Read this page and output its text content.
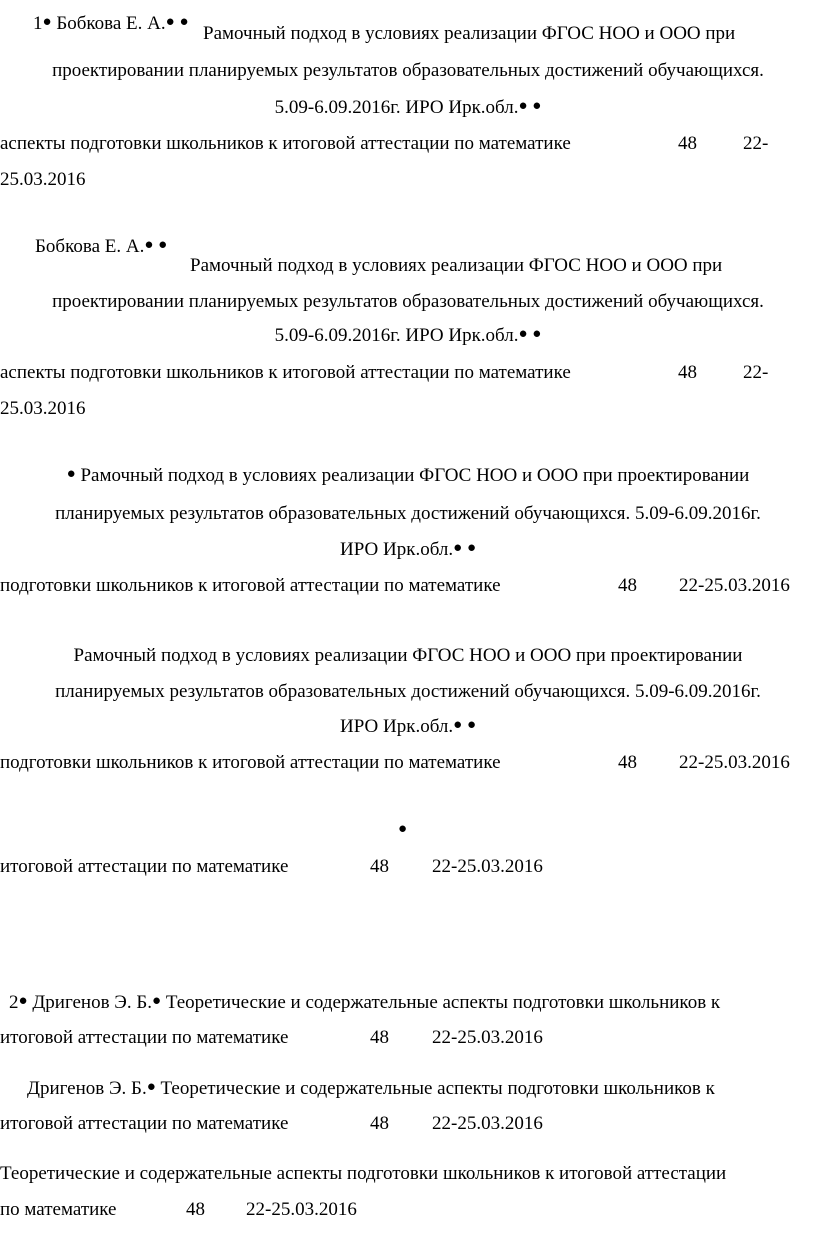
1● Бобкова Е. А.● ●
Рамочный подход в условиях реализации ФГОС НОО и ООО при
проектировании планируемых результатов образовательных достижений обучающихся.
5.09-6.09.2016г. ИРО Ирк.обл.● ●
аспекты подготовки школьников к итоговой аттестации по математике	48 22-
25.03.2016
Бобкова Е. А.● ●
Рамочный подход в условиях реализации ФГОС НОО и ООО при
проектировании планируемых результатов образовательных достижений обучающихся.
5.09-6.09.2016г. ИРО Ирк.обл.● ●
аспекты подготовки школьников к итоговой аттестации по математике	48 22-
25.03.2016
● Рамочный подход в условиях реализации ФГОС НОО и ООО при проектировании
планируемых результатов образовательных достижений обучающихся. 5.09-6.09.2016г.
ИРО Ирк.обл.● ●
подготовки школьников к итоговой аттестации по математике	48 22-25.03.2016
Рамочный подход в условиях реализации ФГОС НОО и ООО при проектировании
планируемых результатов образовательных достижений обучающихся. 5.09-6.09.2016г.
ИРО Ирк.обл.● ●
подготовки школьников к итоговой аттестации по математике	48 22-25.03.2016
●
итоговой аттестации по математике	48 22-25.03.2016
2● Дригенов Э. Б.● Теоретические и содержательные аспекты подготовки школьников к
итоговой аттестации по математике	48 22-25.03.2016
Дригенов Э. Б.● Теоретические и содержательные аспекты подготовки школьников к
итоговой аттестации по математике	48 22-25.03.2016
Теоретические и содержательные аспекты подготовки школьников к итоговой аттестации
по математике	48 22-25.03.2016
